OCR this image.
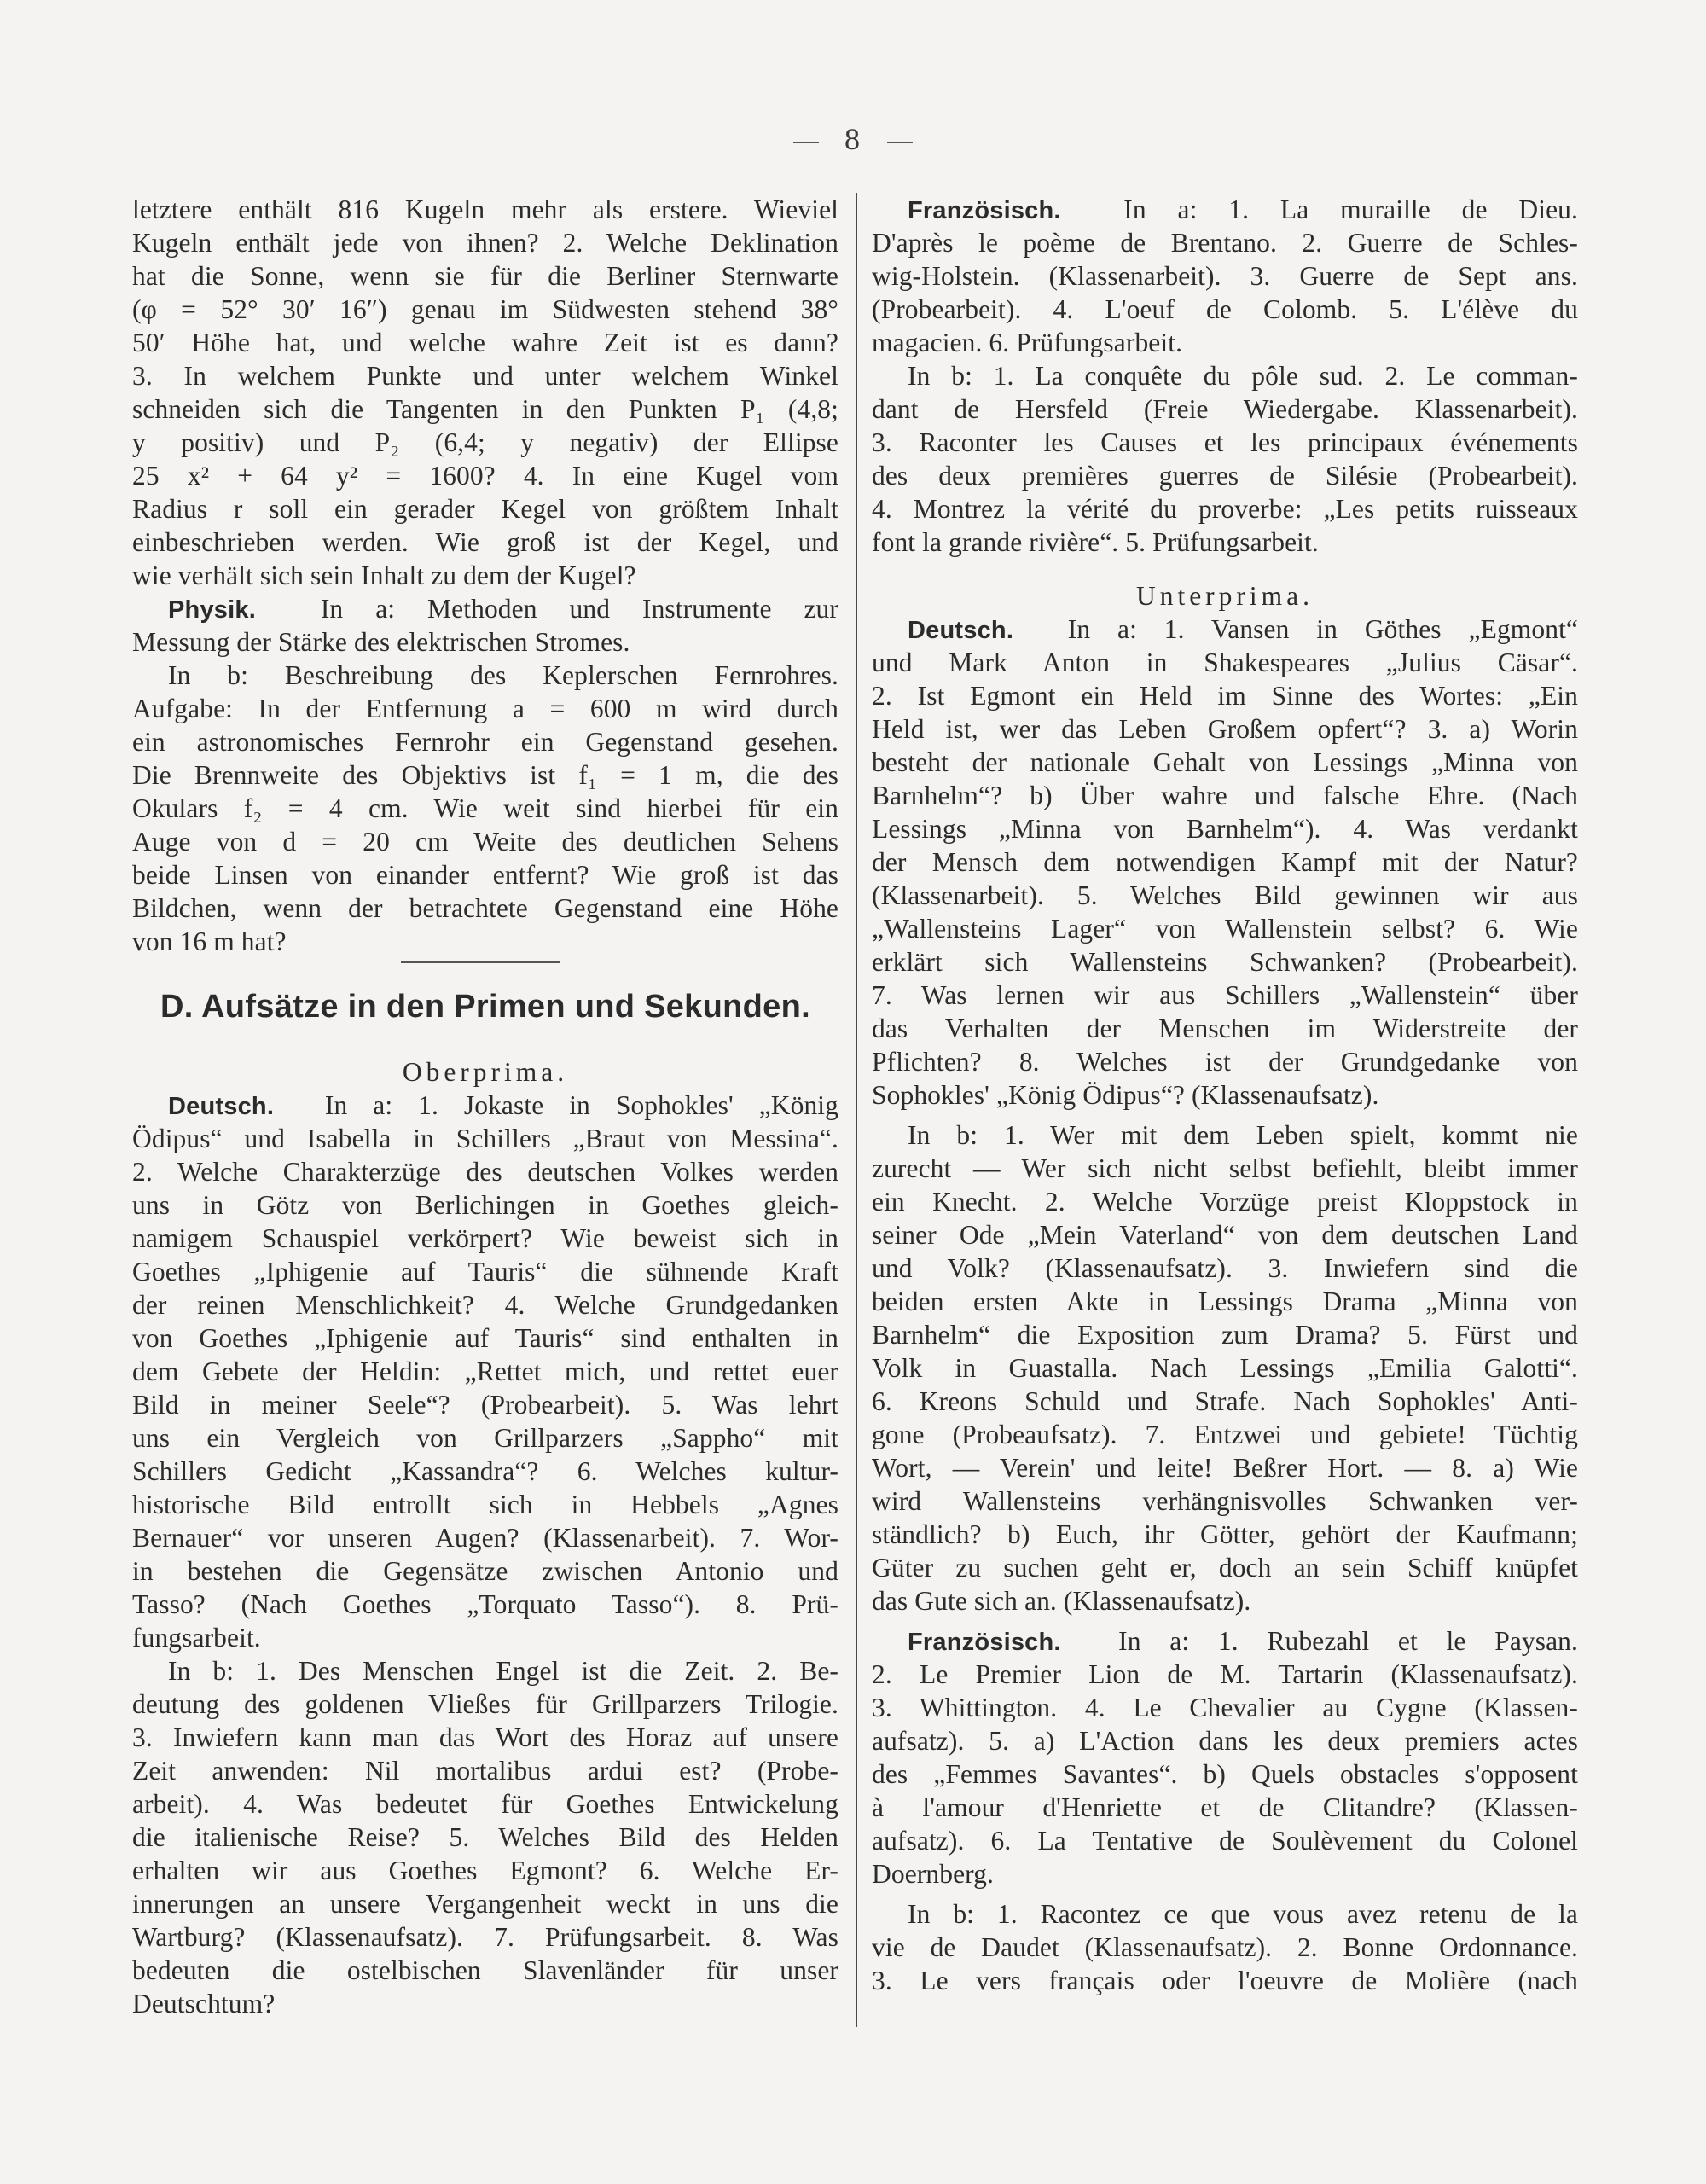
8
letztere enthält 816 Kugeln mehr als erstere. Wieviel
Kugeln enthält jede von ihnen? 2. Welche Deklination
hat die Sonne, wenn sie für die Berliner Sternwarte
(φ = 52° 30′ 16″) genau im Südwesten stehend 38°
50′ Höhe hat, und welche wahre Zeit ist es dann?
3. In welchem Punkte und unter welchem Winkel
schneiden sich die Tangenten in den Punkten P₁ (4,8;
y positiv) und P₂ (6,4; y negativ) der Ellipse
25 x² + 64 y² = 1600? 4. In eine Kugel vom
Radius r soll ein gerader Kegel von größtem Inhalt
einbeschrieben werden. Wie groß ist der Kegel, und
wie verhält sich sein Inhalt zu dem der Kugel?
Physik. In a: Methoden und Instrumente zur
Messung der Stärke des elektrischen Stromes.
In b: Beschreibung des Keplerschen Fernrohres.
Aufgabe: In der Entfernung a = 600 m wird durch
ein astronomisches Fernrohr ein Gegenstand gesehen.
Die Brennweite des Objektivs ist f₁ = 1 m, die des
Okulars f₂ = 4 cm. Wie weit sind hierbei für ein
Auge von d = 20 cm Weite des deutlichen Sehens
beide Linsen von einander entfernt? Wie groß ist das
Bildchen, wenn der betrachtete Gegenstand eine Höhe
von 16 m hat?
D. Aufsätze in den Primen und Sekunden.
Oberprima.
Deutsch. In a: 1. Jokaste in Sophokles' „König
Ödipus“ und Isabella in Schillers „Braut von Messina“.
2. Welche Charakterzüge des deutschen Volkes werden
uns in Götz von Berlichingen in Goethes gleich-
namigem Schauspiel verkörpert? Wie beweist sich in
Goethes „Iphigenie auf Tauris“ die sühnende Kraft
der reinen Menschlichkeit? 4. Welche Grundgedanken
von Goethes „Iphigenie auf Tauris“ sind enthalten in
dem Gebete der Heldin: „Rettet mich, und rettet euer
Bild in meiner Seele“? (Probearbeit). 5. Was lehrt
uns ein Vergleich von Grillparzers „Sappho“ mit
Schillers Gedicht „Kassandra“? 6. Welches kultur-
historische Bild entrollt sich in Hebbels „Agnes
Bernauer“ vor unseren Augen? (Klassenarbeit). 7. Wor-
in bestehen die Gegensätze zwischen Antonio und
Tasso? (Nach Goethes „Torquato Tasso“). 8. Prü-
fungsarbeit.
In b: 1. Des Menschen Engel ist die Zeit. 2. Be-
deutung des goldenen Vließes für Grillparzers Trilogie.
3. Inwiefern kann man das Wort des Horaz auf unsere
Zeit anwenden: Nil mortalibus ardui est? (Probe-
arbeit). 4. Was bedeutet für Goethes Entwickelung
die italienische Reise? 5. Welches Bild des Helden
erhalten wir aus Goethes Egmont? 6. Welche Er-
innerungen an unsere Vergangenheit weckt in uns die
Wartburg? (Klassenaufsatz). 7. Prüfungsarbeit. 8. Was
bedeuten die ostelbischen Slavenländer für unser
Deutschtum?
Französisch. In a: 1. La muraille de Dieu.
D'après le poème de Brentano. 2. Guerre de Schles-
wig-Holstein. (Klassenarbeit). 3. Guerre de Sept ans.
(Probearbeit). 4. L'oeuf de Colomb. 5. L'élève du
magacien. 6. Prüfungsarbeit.
In b: 1. La conquête du pôle sud. 2. Le comman-
dant de Hersfeld (Freie Wiedergabe. Klassenarbeit).
3. Raconter les Causes et les principaux événements
des deux premières guerres de Silésie (Probearbeit).
4. Montrez la vérité du proverbe: „Les petits ruisseaux
font la grande rivière“. 5. Prüfungsarbeit.
Unterprima.
Deutsch. In a: 1. Vansen in Göthes „Egmont“
und Mark Anton in Shakespeares „Julius Cäsar“.
2. Ist Egmont ein Held im Sinne des Wortes: „Ein
Held ist, wer das Leben Großem opfert“? 3. a) Worin
besteht der nationale Gehalt von Lessings „Minna von
Barnhelm“? b) Über wahre und falsche Ehre. (Nach
Lessings „Minna von Barnhelm“). 4. Was verdankt
der Mensch dem notwendigen Kampf mit der Natur?
(Klassenarbeit). 5. Welches Bild gewinnen wir aus
„Wallensteins Lager“ von Wallenstein selbst? 6. Wie
erklärt sich Wallensteins Schwanken? (Probearbeit).
7. Was lernen wir aus Schillers „Wallenstein“ über
das Verhalten der Menschen im Widerstreite der
Pflichten? 8. Welches ist der Grundgedanke von
Sophokles' „König Ödipus“? (Klassenaufsatz).
In b: 1. Wer mit dem Leben spielt, kommt nie
zurecht — Wer sich nicht selbst befiehlt, bleibt immer
ein Knecht. 2. Welche Vorzüge preist Kloppstock in
seiner Ode „Mein Vaterland“ von dem deutschen Land
und Volk? (Klassenaufsatz). 3. Inwiefern sind die
beiden ersten Akte in Lessings Drama „Minna von
Barnhelm“ die Exposition zum Drama? 5. Fürst und
Volk in Guastalla. Nach Lessings „Emilia Galotti“.
6. Kreons Schuld und Strafe. Nach Sophokles' Anti-
gone (Probeaufsatz). 7. Entzwei und gebiete! Tüchtig
Wort, — Verein' und leite! Beßrer Hort. — 8. a) Wie
wird Wallensteins verhängnisvolles Schwanken ver-
ständlich? b) Euch, ihr Götter, gehört der Kaufmann;
Güter zu suchen geht er, doch an sein Schiff knüpfet
das Gute sich an. (Klassenaufsatz).
Französisch. In a: 1. Rubezahl et le Paysan.
2. Le Premier Lion de M. Tartarin (Klassenaufsatz).
3. Whittington. 4. Le Chevalier au Cygne (Klassen-
aufsatz). 5. a) L'Action dans les deux premiers actes
des „Femmes Savantes“. b) Quels obstacles s'opposent
à l'amour d'Henriette et de Clitandre? (Klassen-
aufsatz). 6. La Tentative de Soulèvement du Colonel
Doernberg.
In b: 1. Racontez ce que vous avez retenu de la
vie de Daudet (Klassenaufsatz). 2. Bonne Ordonnance.
3. Le vers français oder l'oeuvre de Molière (nach
